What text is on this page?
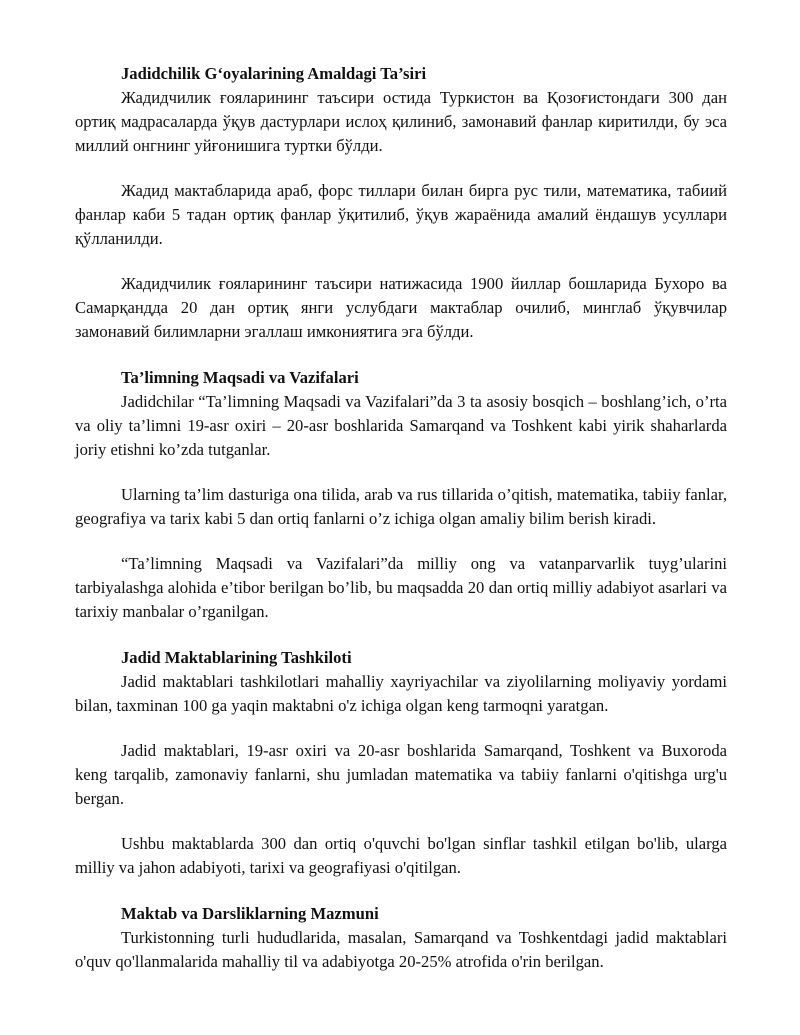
Jadidchilik G‘oyalarining Amaldagi Ta’siri

Жадидчилик ғояларининг таъсири остида Туркистон ва Қозоғистондаги 300 дан ортиқ мадрасаларда ўқув дастурлари ислоҳ қилиниб, замонавий фанлар киритилди, бу эса миллий онгнинг уйғонишига туртки бўлди.

Жадид мактабларида араб, форс тиллари билан бирга рус тили, математика, табиий фанлар каби 5 тадан ортиқ фанлар ўқитилиб, ўқув жараёнида амалий ёндашув усуллари қўлланилди.

Жадидчилик ғояларининг таъсири натижасида 1900 йиллар бошларида Бухоро ва Самарқандда 20 дан ортиқ янги услубдаги мактаблар очилиб, минглаб ўқувчилар замонавий билимларни эгаллаш имкониятига эга бўлди.

Ta’limning Maqsadi va Vazifalari

Jadidchilar “Ta’limning Maqsadi va Vazifalari”da 3 ta asosiy bosqich – boshlang’ich, o’rta va oliy ta’limni 19-asr oxiri – 20-asr boshlarida Samarqand va Toshkent kabi yirik shaharlarda joriy etishni ko’zda tutganlar.

Ularning ta’lim dasturiga ona tilida, arab va rus tillarida o’qitish, matematika, tabiiy fanlar, geografiya va tarix kabi 5 dan ortiq fanlarni o’z ichiga olgan amaliy bilim berish kiradi.

“Ta’limning Maqsadi va Vazifalari”da milliy ong va vatanparvarlik tuyg’ularini tarbiyalashga alohida e’tibor berilgan bo’lib, bu maqsadda 20 dan ortiq milliy adabiyot asarlari va tarixiy manbalar o’rganilgan.

Jadid Maktablarining Tashkiloti

Jadid maktablari tashkilotlari mahalliy xayriyachilar va ziyolilarning moliyaviy yordami bilan, taxminan 100 ga yaqin maktabni o'z ichiga olgan keng tarmoqni yaratgan.

Jadid maktablari, 19-asr oxiri va 20-asr boshlarida Samarqand, Toshkent va Buxoroda keng tarqalib, zamonaviy fanlarni, shu jumladan matematika va tabiiy fanlarni o'qitishga urg'u bergan.

Ushbu maktablarda 300 dan ortiq o'quvchi bo'lgan sinflar tashkil etilgan bo'lib, ularga milliy va jahon adabiyoti, tarixi va geografiyasi o'qitilgan.

Maktab va Darsliklarning Mazmuni

Turkistonning turli hududlarida, masalan, Samarqand va Toshkentdagi jadid maktablari o'quv qo'llanmalarida mahalliy til va adabiyotga 20-25% atrofida o'rin berilgan.
